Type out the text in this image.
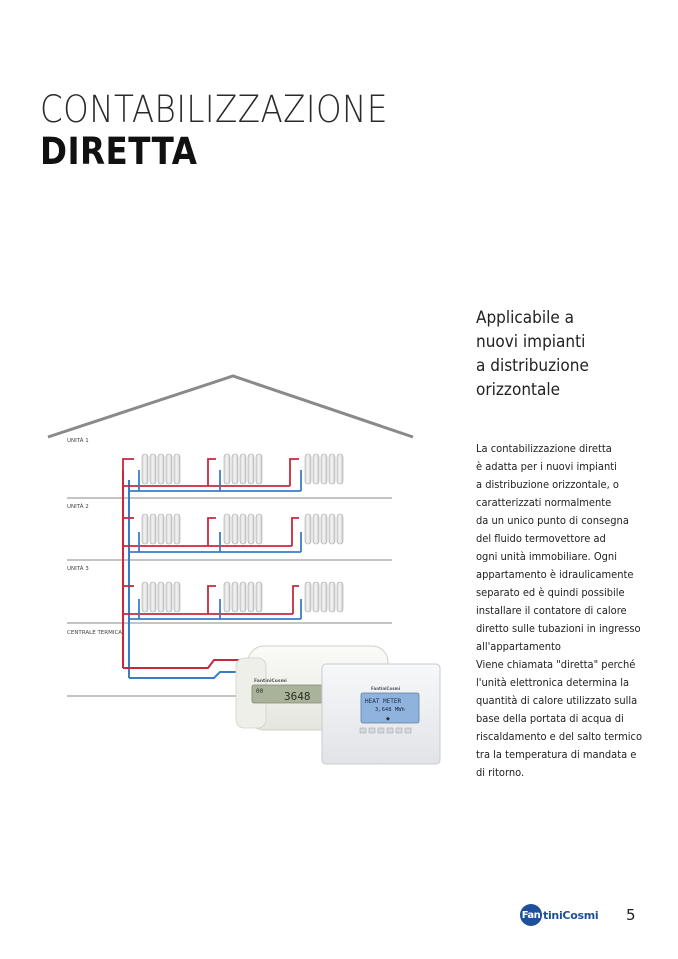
CONTABILIZZAZIONE
DIRETTA
Applicabile a
nuovi impianti
a distribuzione
orizzontale
La contabilizzazione diretta
è adatta per i nuovi impianti
a distribuzione orizzontale, o
caratterizzati normalmente
da un unico punto di consegna
del fluido termovettore ad
ogni unità immobiliare. Ogni
appartamento è idraulicamente
separato ed è quindi possibile
installare il contatore di calore
diretto sulle tubazioni in ingresso
all'appartamento
Viene chiamata "diretta" perché
l'unità elettronica determina la
quantità di calore utilizzato sulla
base della portata di acqua di
riscaldamento e del salto termico
tra la temperatura di mandata e
di ritorno.
UNITÀ 1
UNITÀ 2
UNITÀ 3
CENTRALE TERMICA
FantiniCosmi
00 3648
FantiniCosmi
HEAT METER
3,648 MWh
◆
Fan tiniCosmi 5
